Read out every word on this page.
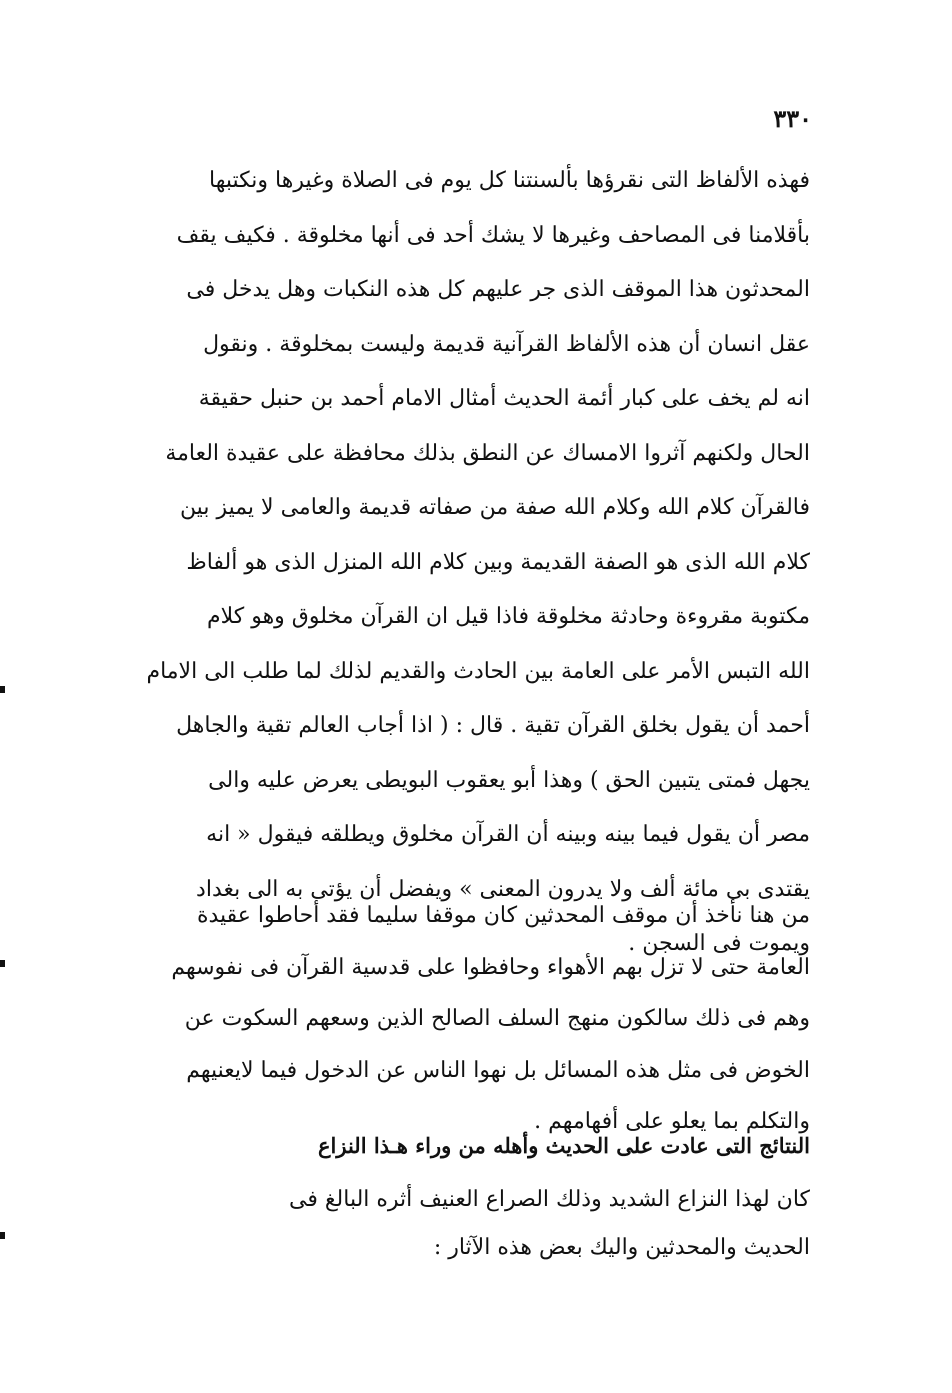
٣٣٠
فهذه الألفاظ التى نقرؤها بألسنتنا كل يوم فى الصلاة وغيرها ونكتبها
بأقلامنا فى المصاحف وغيرها لا يشك أحد فى أنها مخلوقة . فكيف يقف
المحدثون هذا الموقف الذى جر عليهم كل هذه النكبات وهل يدخل فى
عقل انسان أن هذه الألفاظ القرآنية قديمة وليست بمخلوقة . ونقول
انه لم يخف على كبار أئمة الحديث أمثال الامام أحمد بن حنبل حقيقة
الحال ولكنهم آثروا الامساك عن النطق بذلك محافظة على عقيدة العامة
فالقرآن كلام الله وكلام الله صفة من صفاته قديمة والعامى لا يميز بين
كلام الله الذى هو الصفة القديمة وبين كلام الله المنزل الذى هو ألفاظ
مكتوبة مقروءة وحادثة مخلوقة فاذا قيل ان القرآن مخلوق وهو كلام
الله التبس الأمر على العامة بين الحادث والقديم لذلك لما طلب الى الامام
أحمد أن يقول بخلق القرآن تقية . قال : ( اذا أجاب العالم تقية والجاهل
يجهل فمتى يتبين الحق ) وهذا أبو يعقوب البويطى يعرض عليه والى
مصر أن يقول فيما بينه وبينه أن القرآن مخلوق ويطلقه فيقول « انه
يقتدى بى مائة ألف ولا يدرون المعنى » ويفضل أن يؤتى به الى بغداد
ويموت فى السجن .
من هنا نأخذ أن موقف المحدثين كان موقفا سليما فقد أحاطوا عقيدة
العامة حتى لا تزل بهم الأهواء وحافظوا على قدسية القرآن فى نفوسهم
وهم فى ذلك سالكون منهج السلف الصالح الذين وسعهم السكوت عن
الخوض فى مثل هذه المسائل بل نهوا الناس عن الدخول فيما لايعنيهم
والتكلم بما يعلو على أفهامهم .
النتائج التى عادت على الحديث وأهله من وراء هـذا النزاع
كان لهذا النزاع الشديد وذلك الصراع العنيف أثره البالغ فى
الحديث والمحدثين واليك بعض هذه الآثار :
